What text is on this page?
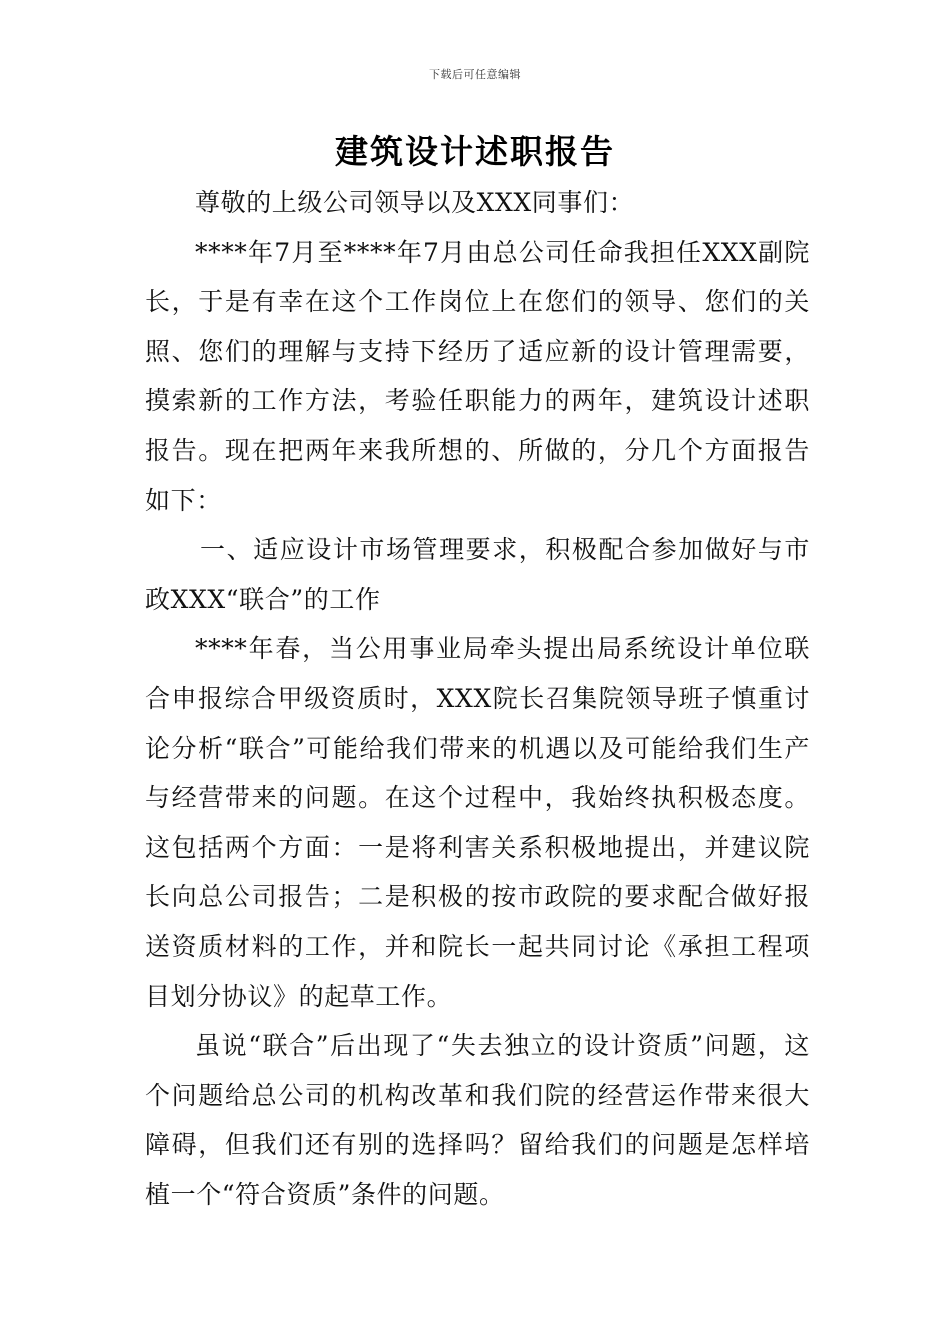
下载后可任意编辑
建筑设计述职报告

尊敬的上级公司领导以及XXX同事们：

****年7月至****年7月由总公司任命我担任XXX副院长，于是有幸在这个工作岗位上在您们的领导、您们的关照、您们的理解与支持下经历了适应新的设计管理需要，摸索新的工作方法，考验任职能力的两年，建筑设计述职报告。现在把两年来我所想的、所做的，分几个方面报告如下：

一、适应设计市场管理要求，积极配合参加做好与市政XXX“联合”的工作

****年春，当公用事业局牵头提出局系统设计单位联合申报综合甲级资质时，XXX院长召集院领导班子慎重讨论分析“联合”可能给我们带来的机遇以及可能给我们生产与经营带来的问题。在这个过程中，我始终执积极态度。这包括两个方面：一是将利害关系积极地提出，并建议院长向总公司报告；二是积极的按市政院的要求配合做好报送资质材料的工作，并和院长一起共同讨论《承担工程项目划分协议》的起草工作。

虽说“联合”后出现了“失去独立的设计资质”问题，这个问题给总公司的机构改革和我们院的经营运作带来很大障碍，但我们还有别的选择吗？留给我们的问题是怎样培植一个“符合资质”条件的问题。
